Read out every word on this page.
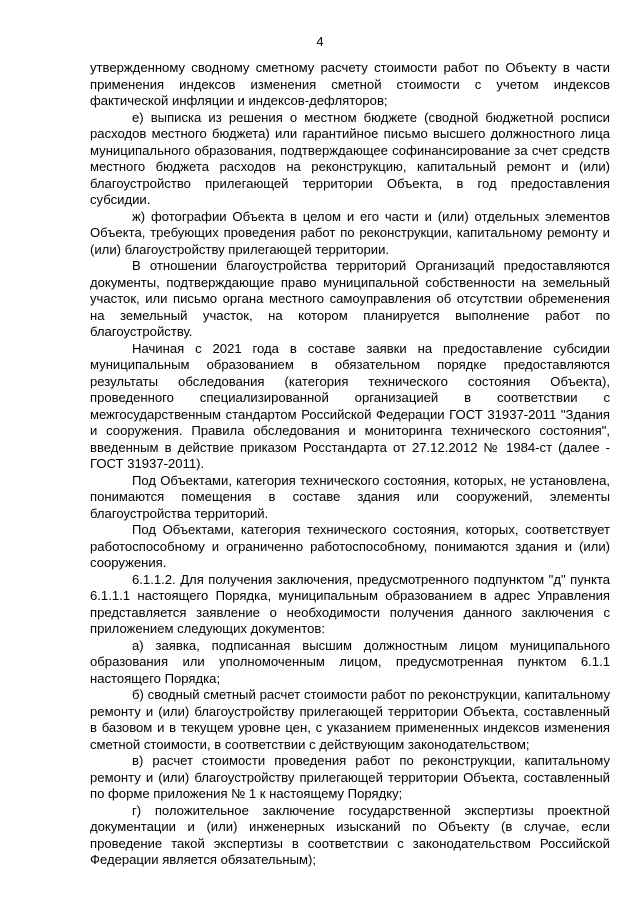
4

утвержденному сводному сметному расчету стоимости работ по Объекту в части применения индексов изменения сметной стоимости с учетом индексов фактической инфляции и индексов-дефляторов;

е) выписка из решения о местном бюджете (сводной бюджетной росписи расходов местного бюджета) или гарантийное письмо высшего должностного лица муниципального образования, подтверждающее софинансирование за счет средств местного бюджета расходов на реконструкцию, капитальный ремонт и (или) благоустройство прилегающей территории Объекта, в год предоставления субсидии.

ж) фотографии Объекта в целом и его части и (или) отдельных элементов Объекта, требующих проведения работ по реконструкции, капитальному ремонту и (или) благоустройству прилегающей территории.

В отношении благоустройства территорий Организаций предоставляются документы, подтверждающие право муниципальной собственности на земельный участок, или письмо органа местного самоуправления об отсутствии обременения на земельный участок, на котором планируется выполнение работ по благоустройству.

Начиная с 2021 года в составе заявки на предоставление субсидии муниципальным образованием в обязательном порядке предоставляются результаты обследования (категория технического состояния Объекта), проведенного специализированной организацией в соответствии с межгосударственным стандартом Российской Федерации ГОСТ 31937-2011 "Здания и сооружения. Правила обследования и мониторинга технического состояния", введенным в действие приказом Росстандарта от 27.12.2012 № 1984-ст (далее - ГОСТ 31937-2011).

Под Объектами, категория технического состояния, которых, не установлена, понимаются помещения в составе здания или сооружений, элементы благоустройства территорий.

Под Объектами, категория технического состояния, которых, соответствует работоспособному и ограниченно работоспособному, понимаются здания и (или) сооружения.

6.1.1.2. Для получения заключения, предусмотренного подпунктом "д" пункта 6.1.1.1 настоящего Порядка, муниципальным образованием в адрес Управления представляется заявление о необходимости получения данного заключения с приложением следующих документов:

а) заявка, подписанная высшим должностным лицом муниципального образования или уполномоченным лицом, предусмотренная пунктом 6.1.1 настоящего Порядка;

б) сводный сметный расчет стоимости работ по реконструкции, капитальному ремонту и (или) благоустройству прилегающей территории Объекта, составленный в базовом и в текущем уровне цен, с указанием примененных индексов изменения сметной стоимости, в соответствии с действующим законодательством;

в) расчет стоимости проведения работ по реконструкции, капитальному ремонту и (или) благоустройству прилегающей территории Объекта, составленный по форме приложения № 1 к настоящему Порядку;

г) положительное заключение государственной экспертизы проектной документации и (или) инженерных изысканий по Объекту (в случае, если проведение такой экспертизы в соответствии с законодательством Российской Федерации является обязательным);
